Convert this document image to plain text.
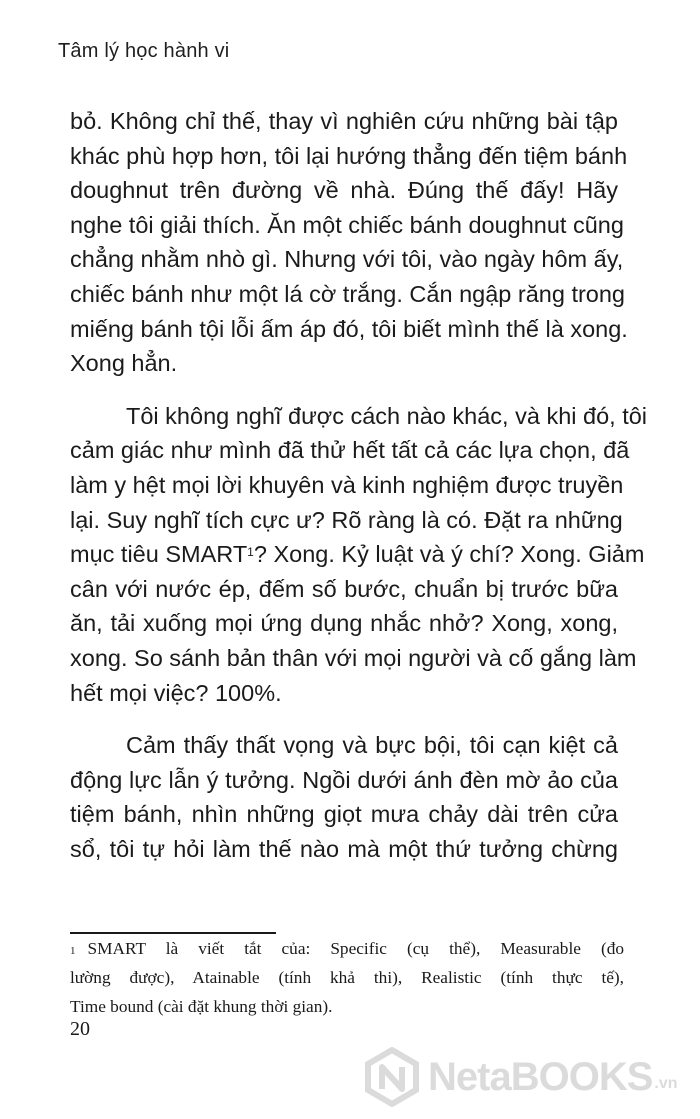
Tâm lý học hành vi

bỏ. Không chỉ thế, thay vì nghiên cứu những bài tập
khác phù hợp hơn, tôi lại hướng thẳng đến tiệm bánh
doughnut trên đường về nhà. Đúng thế đấy! Hãy
nghe tôi giải thích. Ăn một chiếc bánh doughnut cũng
chẳng nhằm nhò gì. Nhưng với tôi, vào ngày hôm ấy,
chiếc bánh như một lá cờ trắng. Cắn ngập răng trong
miếng bánh tội lỗi ấm áp đó, tôi biết mình thế là xong.
Xong hẳn.

Tôi không nghĩ được cách nào khác, và khi đó, tôi
cảm giác như mình đã thử hết tất cả các lựa chọn, đã
làm y hệt mọi lời khuyên và kinh nghiệm được truyền
lại. Suy nghĩ tích cực ư? Rõ ràng là có. Đặt ra những
mục tiêu SMART$^1$? Xong. Kỷ luật và ý chí? Xong. Giảm
cân với nước ép, đếm số bước, chuẩn bị trước bữa
ăn, tải xuống mọi ứng dụng nhắc nhở? Xong, xong,
xong. So sánh bản thân với mọi người và cố gắng làm
hết mọi việc? 100%.

Cảm thấy thất vọng và bực bội, tôi cạn kiệt cả
động lực lẫn ý tưởng. Ngồi dưới ánh đèn mờ ảo của
tiệm bánh, nhìn những giọt mưa chảy dài trên cửa
sổ, tôi tự hỏi làm thế nào mà một thứ tưởng chừng

$^1$ SMART là viết tắt của: Specific (cụ thể), Measurable (đo
lường được), Atainable (tính khả thi), Realistic (tính thực tế),
Time bound (cài đặt khung thời gian).
20
NetaBOOKS .vn
